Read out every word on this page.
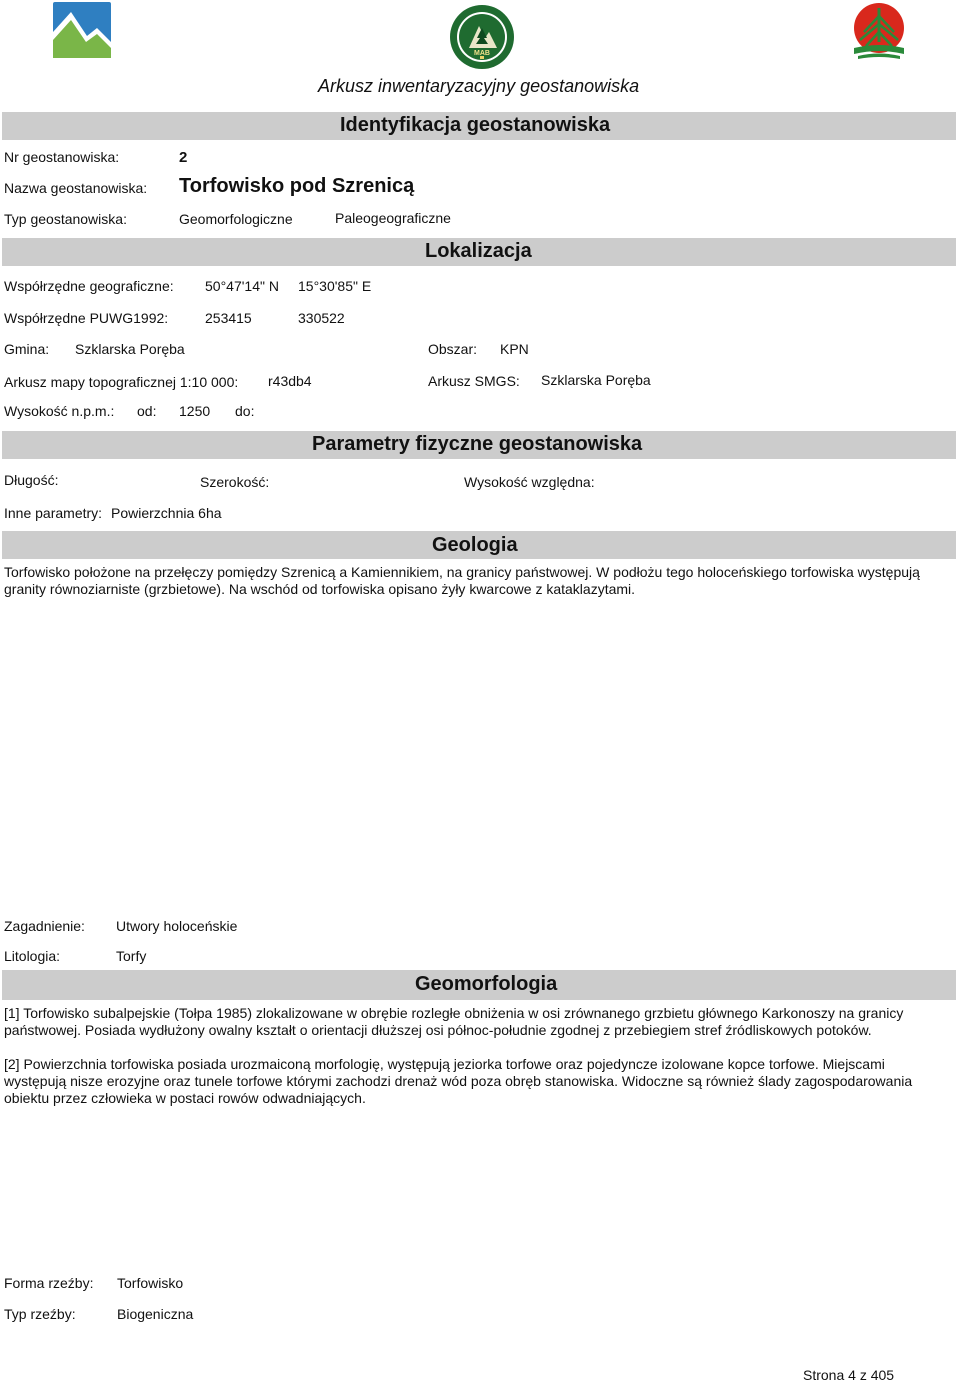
MAB
Arkusz inwentaryzacyjny geostanowiska
Identyfikacja geostanowiska
Nr geostanowiska:	2
Nazwa geostanowiska: Torfowisko pod Szrenicą
Typ geostanowiska:	Geomorfologiczne	Paleogeograficzne
Lokalizacja
Współrzędne geograficzne: 50°47'14" N 15°30'85" E
Współrzędne PUWG1992:	253415	330522
Gmina: Szklarska Poręba	Obszar: KPN
Arkusz mapy topograficznej 1:10 000: r43db4	Arkusz SMGS: Szklarska Poręba
Wysokość n.p.m.: od: 1250 do:
Parametry fizyczne geostanowiska
Długość:	Szerokość:	Wysokość względna:
Inne parametry: Powierzchnia 6ha
Geologia
Torfowisko położone na przełęczy pomiędzy Szrenicą a Kamiennikiem, na granicy państwowej. W podłożu tego holoceńskiego torfowiska występują granity równoziarniste (grzbietowe). Na wschód od torfowiska opisano żyły kwarcowe z kataklazytami.
Zagadnienie: Utwory holoceńskie
Litologia:	Torfy
Geomorfologia
[1] Torfowisko subalpejskie (Tołpa 1985) zlokalizowane w obrębie rozległe obniżenia w osi zrównanego grzbietu głównego Karkonoszy na granicy państwowej. Posiada wydłużony owalny kształt o orientacji dłuższej osi północ-południe zgodnej z przebiegiem stref źródliskowych potoków.
[2] Powierzchnia torfowiska posiada urozmaiconą morfologię, występują jeziorka torfowe oraz pojedyncze izolowane kopce torfowe. Miejscami występują nisze erozyjne oraz tunele torfowe którymi zachodzi drenaż wód poza obręb stanowiska. Widoczne są również ślady zagospodarowania obiektu przez człowieka w postaci rowów odwadniających.
Forma rzeźby: Torfowisko
Typ rzeźby:	Biogeniczna
Strona 4 z 405
